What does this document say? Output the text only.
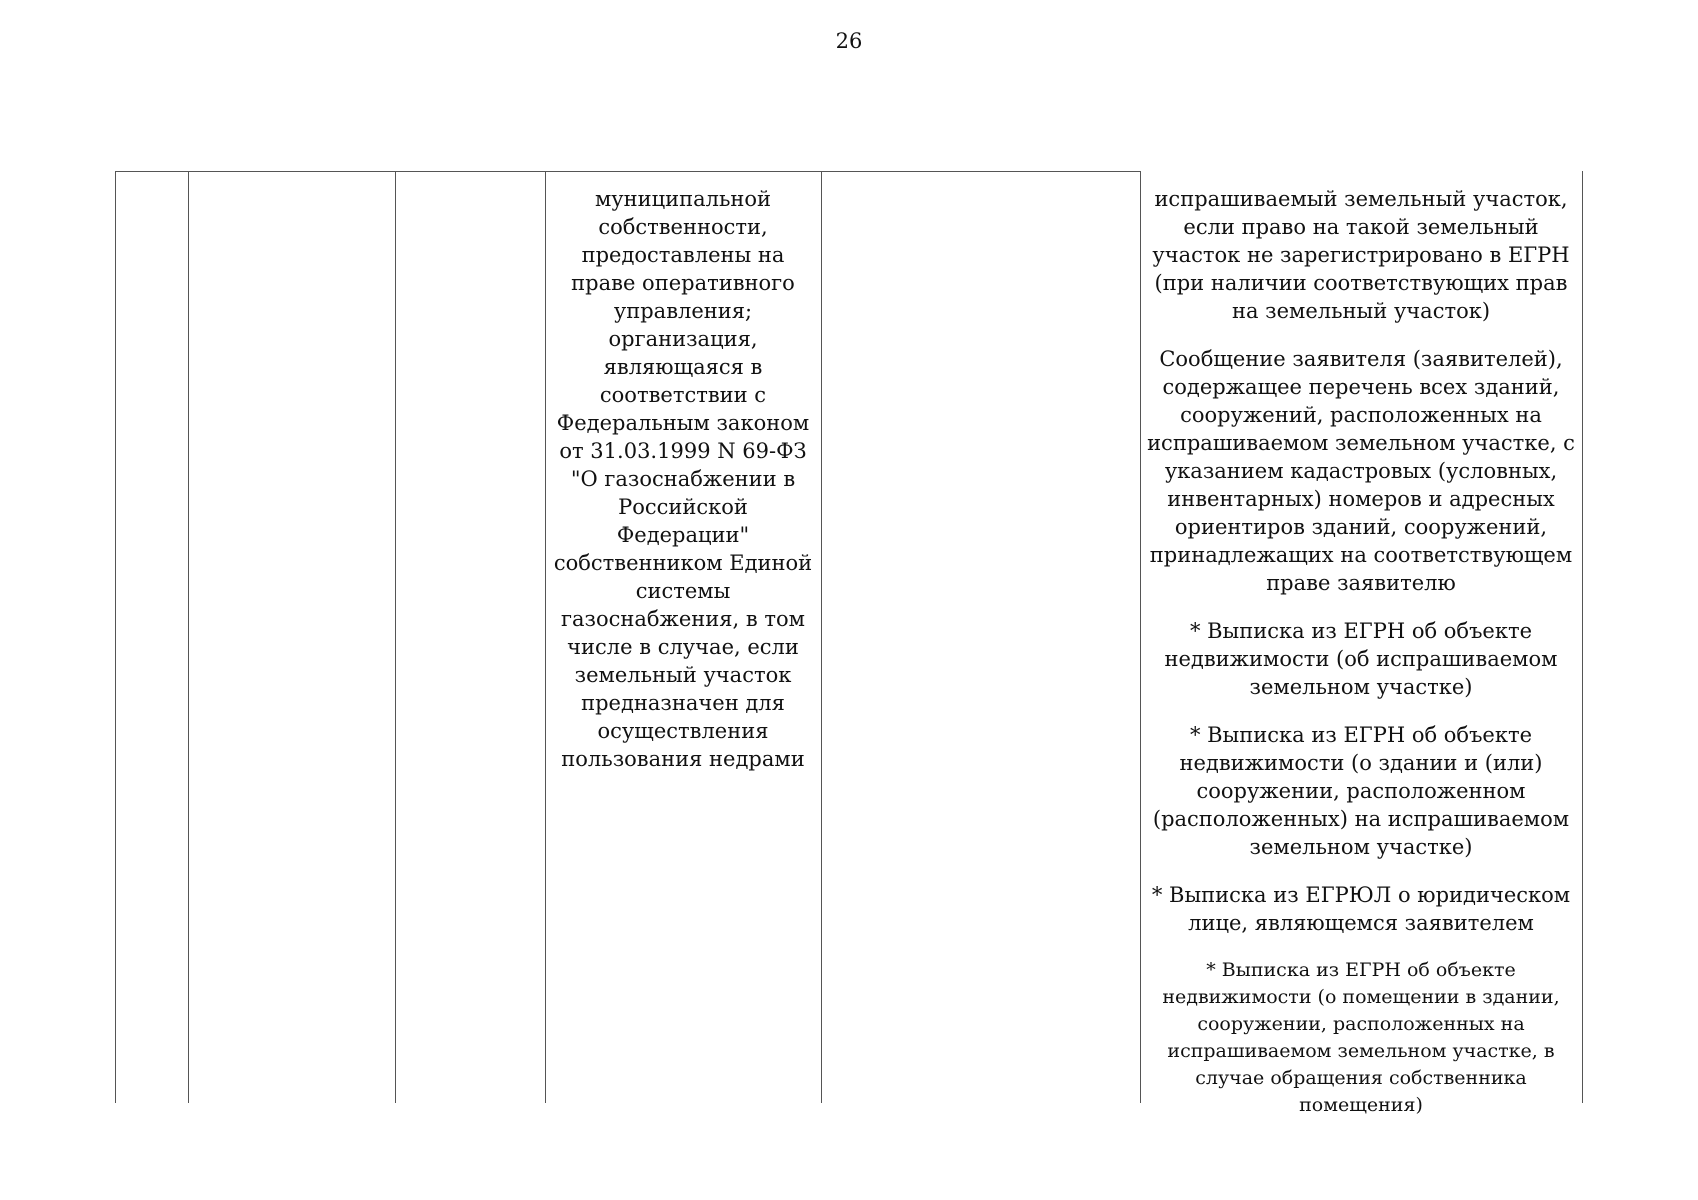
26
муниципальной собственности, предоставлены на праве оперативного управления; организация, являющаяся в соответствии с Федеральным законом от 31.03.1999 N 69-ФЗ "О газоснабжении в Российской Федерации" собственником Единой системы газоснабжения, в том числе в случае, если земельный участок предназначен для осуществления пользования недрами

испрашиваемый земельный участок, если право на такой земельный участок не зарегистрировано в ЕГРН (при наличии соответствующих прав на земельный участок)

Сообщение заявителя (заявителей), содержащее перечень всех зданий, сооружений, расположенных на испрашиваемом земельном участке, с указанием кадастровых (условных, инвентарных) номеров и адресных ориентиров зданий, сооружений, принадлежащих на соответствующем праве заявителю

* Выписка из ЕГРН об объекте недвижимости (об испрашиваемом земельном участке)

* Выписка из ЕГРН об объекте недвижимости (о здании и (или) сооружении, расположенном (расположенных) на испрашиваемом земельном участке)

* Выписка из ЕГРЮЛ о юридическом лице, являющемся заявителем

* Выписка из ЕГРН об объекте недвижимости (о помещении в здании, сооружении, расположенных на испрашиваемом земельном участке, в случае обращения собственника помещения)
